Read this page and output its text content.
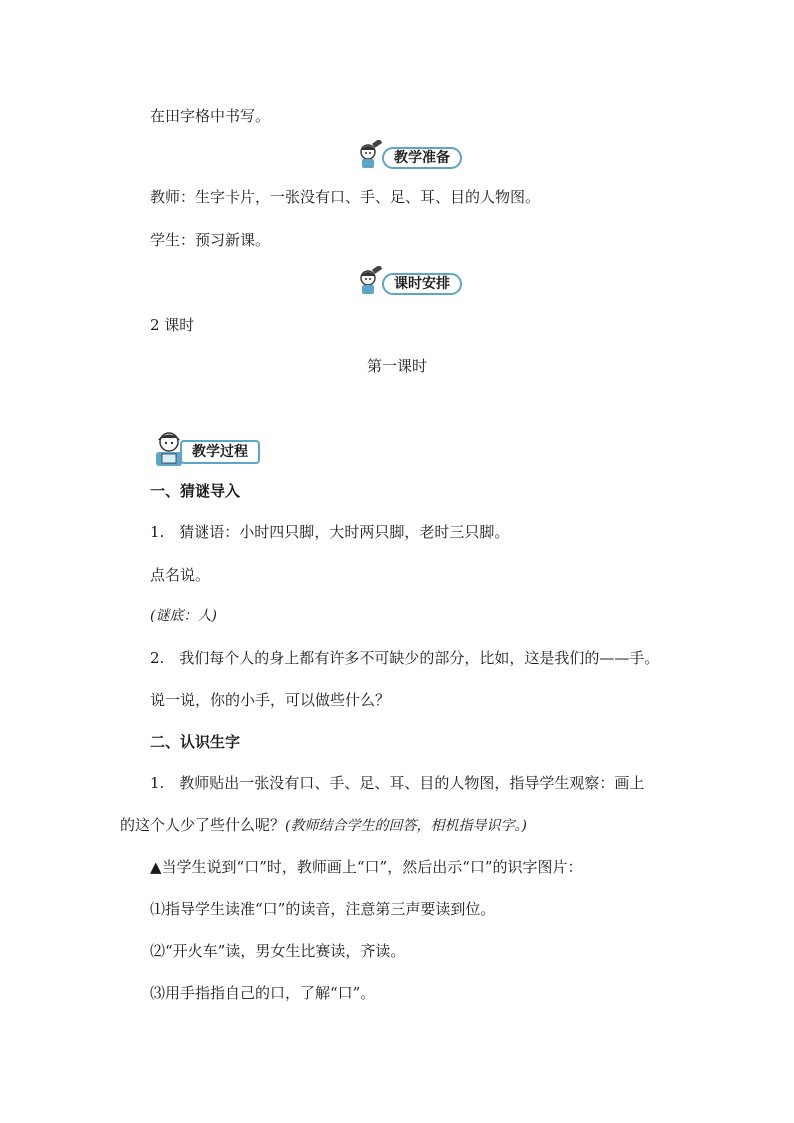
在田字格中书写。
教学准备
教师：生字卡片，一张没有口、手、足、耳、目的人物图。
学生：预习新课。
课时安排
2 课时
第一课时
教学过程
一、猜谜导入
1.　猜谜语：小时四只脚，大时两只脚，老时三只脚。
点名说。
(谜底：人)
2.　我们每个人的身上都有许多不可缺少的部分，比如，这是我们的——手。
说一说，你的小手，可以做些什么？
二、认识生字
1.　教师贴出一张没有口、手、足、耳、目的人物图，指导学生观察：画上
的这个人少了些什么呢？(教师结合学生的回答，相机指导识字。)
▲当学生说到“口”时，教师画上“口”，然后出示“口”的识字图片：
⑴指导学生读准“口”的读音，注意第三声要读到位。
⑵“开火车”读，男女生比赛读，齐读。
⑶用手指指自己的口，了解“口”。
